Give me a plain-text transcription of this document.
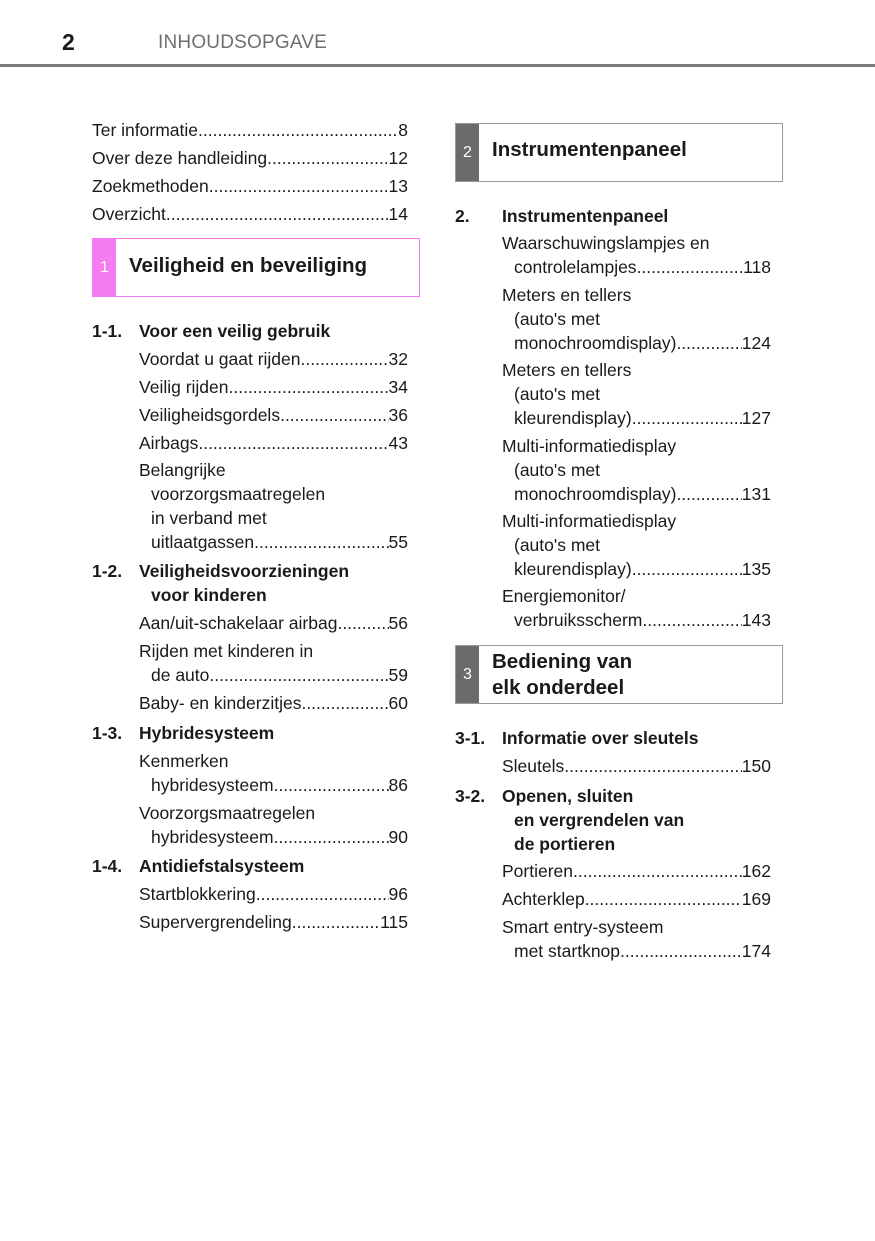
2	INHOUDSOPGAVE
Ter informatie .....	8
Over deze handleiding .....	12
Zoekmethoden .....	13
Overzicht .....	14
1 Veiligheid en beveiliging
1-1. Voor een veilig gebruik
Voordat u gaat rijden .....	32
Veilig rijden .....	34
Veiligheidsgordels .....	36
Airbags .....	43
Belangrijke
voorzorgsmaatregelen
in verband met
uitlaatgassen .....	55
1-2. Veiligheidsvoorzieningen
voor kinderen
Aan/uit-schakelaar airbag .....	56
Rijden met kinderen in
de auto .....	59
Baby- en kinderzitjes .....	60
1-3. Hybridesysteem
Kenmerken
hybridesysteem .....	86
Voorzorgsmaatregelen
hybridesysteem .....	90
1-4. Antidiefstalsysteem
Startblokkering .....	96
Supervergrendeling .....	115
2 Instrumentenpaneel
2. Instrumentenpaneel
Waarschuwingslampjes en
controlelampjes .....	118
Meters en tellers
(auto's met
monochroomdisplay) .....	124
Meters en tellers
(auto's met
kleurendisplay) .....	127
Multi-informatiedisplay
(auto's met
monochroomdisplay) .....	131
Multi-informatiedisplay
(auto's met
kleurendisplay) .....	135
Energiemonitor/
verbruiksscherm .....	143
3
Bediening van
elk onderdeel
3-1. Informatie over sleutels
Sleutels .....	150
3-2. Openen, sluiten
en vergrendelen van
de portieren
Portieren .....	162
Achterklep .....	169
Smart entry-systeem
met startknop .....	174
